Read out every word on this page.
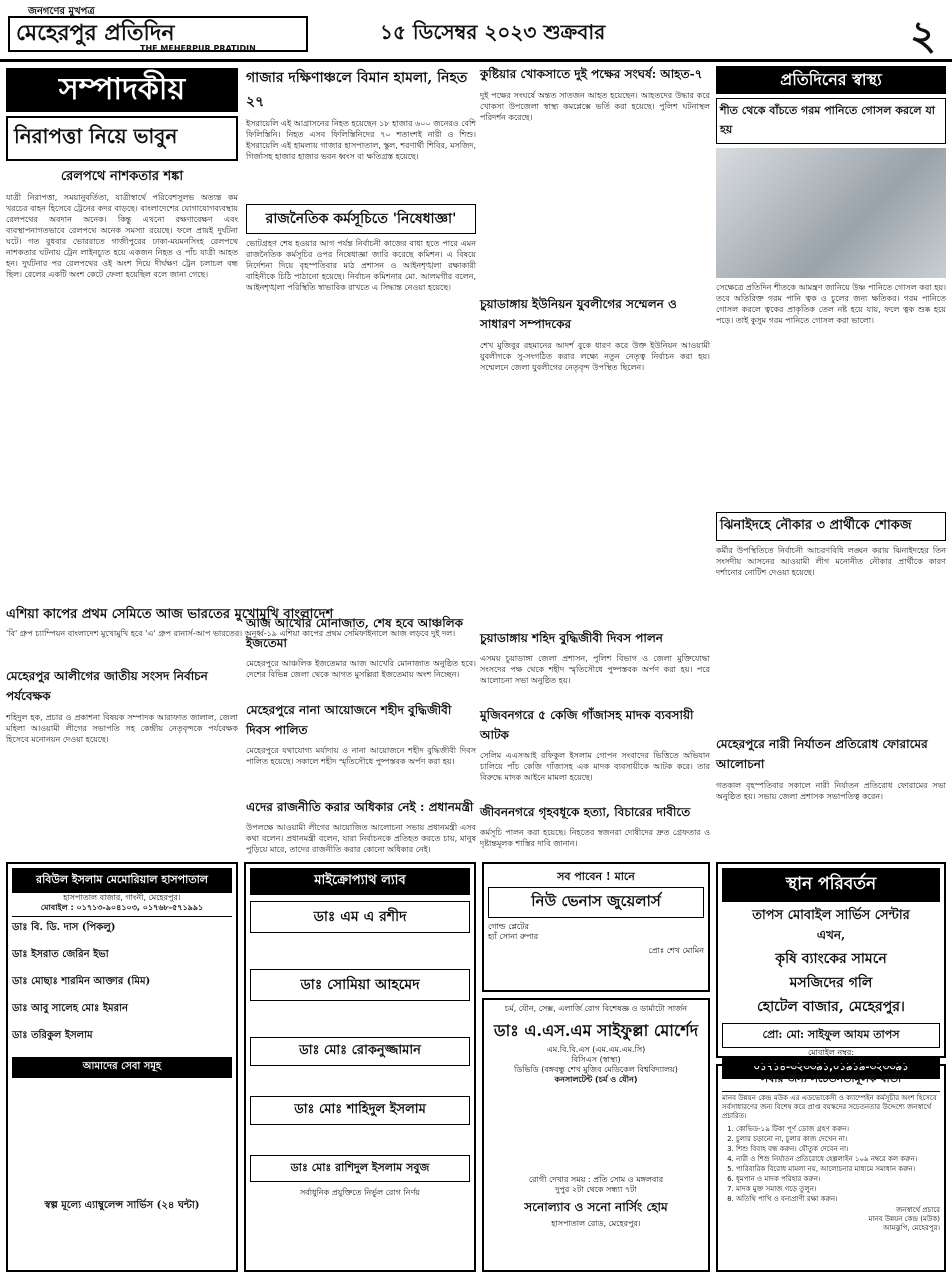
জনগণের মুখপত্র
মেহেরপুর প্রতিদিন
THE MEHERPUR PRATIDIN
১৫ ডিসেম্বর ২০২৩ শুক্রবার	২
সম্পাদকীয়
নিরাপত্তা নিয়ে ভাবুন
রেলপথে নাশকতার শঙ্কা
যাত্রী নিরাপত্তা, সময়ানুবর্তিতা, যাত্রীস্বার্থে পরিবেশসুলভ অত্যন্ত কম খরচের বাহন হিসেবে ট্রেনের কদর বাড়ছে। বাংলাদেশের যোগাযোগব্যবস্থায় রেলপথের অবদান অনেক। কিন্তু এখনো রক্ষণাবেক্ষণ এবং ব্যবস্থাপনাগতভাবে রেলপথে অনেক সমস্যা রয়েছে। ফলে প্রায়ই দুর্ঘটনা ঘটে। গত বুধবার ভোররাতে গাজীপুরের ঢাকা-ময়মনসিংহ রেলপথে নাশকতার ঘটনায় ট্রেন লাইনচ্যুত হয়ে একজন নিহত ও পাঁচ যাত্রী আহত হন। দুর্ঘটনার পর রেলপথের ওই অংশ দিয়ে দীর্ঘক্ষণ ট্রেন চলাচল বন্ধ ছিল। রেলের একটি অংশ কেটে ফেলা হয়েছিল বলে জানা গেছে।
গাজার দক্ষিণাঞ্চলে বিমান হামলা, নিহত ২৭
ইসরায়েলি এই আগ্রাসনের নিহত হয়েছেন ১৮ হাজার ৬০০ জনেরও বেশি ফিলিস্তিনি। নিহত এসব ফিলিস্তিনিদের ৭০ শতাংশই নারী ও শিশু। ইসরায়েলি এই হামলায় গাজার হাসপাতাল, স্কুল, শরণার্থী শিবির, মসজিদ, গির্জাসহ হাজার হাজার ভবন ধ্বংস বা ক্ষতিগ্রস্ত হয়েছে।
রাজনৈতিক কর্মসূচিতে 'নিষেধাজ্ঞা'
ভোটগ্রহণ শেষ হওয়ার আগ পর্যন্ত নির্বাচনী কাজের বাধা হতে পারে এমন রাজনৈতিক কর্মসূচির ওপর নিষেধাজ্ঞা জারি করেছে কমিশন। এ বিষয়ে নির্দেশনা দিয়ে বৃহস্পতিবার মাঠ প্রশাসন ও আইনশৃঙ্খলা রক্ষাকারী বাহিনীকে চিঠি পাঠানো হয়েছে। নির্বাচন কমিশনার মো. আলমগীর বলেন, আইনশৃঙ্খলা পরিস্থিতি স্বাভাবিক রাখতে এ সিদ্ধান্ত নেওয়া হয়েছে।
কুষ্টিয়ার খোকসাতে দুই পক্ষের সংঘর্ষ: আহত-৭
দুই পক্ষের সংঘর্ষে অন্তত সাতজন আহত হয়েছেন। আহতদের উদ্ধার করে খোকসা উপজেলা স্বাস্থ্য কমপ্লেক্সে ভর্তি করা হয়েছে। পুলিশ ঘটনাস্থল পরিদর্শন করেছে।
চুয়াডাঙ্গায় ইউনিয়ন যুবলীগের সম্মেলন ও সাধারণ সম্পাদকের
শেখ মুজিবুর রহমানের আদর্শ বুকে ধারণ করে উক্ত ইউনিয়ন আওয়ামী যুবলীগকে সু-সংগঠিত করার লক্ষ্যে নতুন নেতৃত্ব নির্বাচন করা হয়। সম্মেলনে জেলা যুবলীগের নেতৃবৃন্দ উপস্থিত ছিলেন।
প্রতিদিনের স্বাস্থ্য
শীত থেকে বাঁচতে গরম পানিতে গোসল করলে যা হয়
সেক্ষেত্রে প্রতিদিন শীতকে আমন্ত্রণ জানিয়ে উষ্ণ পানিতে গোসল করা হয়। তবে অতিরিক্ত গরম পানি ত্বক ও চুলের জন্য ক্ষতিকর। গরম পানিতে গোসল করলে ত্বকের প্রাকৃতিক তেল নষ্ট হয়ে যায়, ফলে ত্বক শুষ্ক হয়ে পড়ে। তাই কুসুম গরম পানিতে গোসল করা ভালো।
ঝিনাইদহে নৌকার ৩ প্রার্থীকে শোকজ
কর্মীর উপস্থিতিতে নির্বাচনী আচরণবিধি লঙ্ঘন করায় ঝিনাইদহের তিন সংসদীয় আসনের আওয়ামী লীগ মনোনীত নৌকার প্রার্থীকে কারণ দর্শানোর নোটিশ দেওয়া হয়েছে।
মেহেরপুরে নারী নির্যাতন প্রতিরোধ ফোরামের আলোচনা
গতকাল বৃহস্পতিবার সকালে নারী নির্যাতন প্রতিরোধ ফোরামের সভা অনুষ্ঠিত হয়। সভায় জেলা প্রশাসক সভাপতিত্ব করেন।
এশিয়া কাপের প্রথম সেমিতে আজ ভারতের মুখোমুখি বাংলাদেশ
'বি' গ্রুপ চ্যাম্পিয়ন বাংলাদেশ মুখোমুখি হবে 'এ' গ্রুপ রানার্স-আপ ভারতের। অনূর্ধ্ব-১৯ এশিয়া কাপের প্রথম সেমিফাইনালে আজ লড়বে দুই দল।
মেহেরপুর আলীগের জাতীয় সংসদ নির্বাচন পর্যবেক্ষক
শহিদুল হক, প্রচার ও প্রকাশনা বিষয়ক সম্পাদক আরাফাত জালাল, জেলা মহিলা আওয়ামী লীগের সভাপতি সহ কেন্দ্রীয় নেতৃবৃন্দকে পর্যবেক্ষক হিসেবে মনোনয়ন দেওয়া হয়েছে।
আজ আখেরি মোনাজাত, শেষ হবে আঞ্চলিক ইজতেমা
মেহেরপুরে আঞ্চলিক ইজতেমার আজ আখেরি মোনাজাত অনুষ্ঠিত হবে। দেশের বিভিন্ন জেলা থেকে আগত মুসল্লিরা ইজতেমায় অংশ নিচ্ছেন।
মেহেরপুরে নানা আয়োজনে শহীদ বুদ্ধিজীবী দিবস পালিত
মেহেরপুরে যথাযোগ্য মর্যাদায় ও নানা আয়োজনে শহীদ বুদ্ধিজীবী দিবস পালিত হয়েছে। সকালে শহীদ স্মৃতিসৌধে পুষ্পস্তবক অর্পণ করা হয়।
এদের রাজনীতি করার অধিকার নেই : প্রধানমন্ত্রী
উপলক্ষে আওয়ামী লীগের আয়োজিত আলোচনা সভায় প্রধানমন্ত্রী এসব কথা বলেন। প্রধানমন্ত্রী বলেন, যারা নির্বাচনকে প্রতিহত করতে চায়, মানুষ পুড়িয়ে মারে, তাদের রাজনীতি করার কোনো অধিকার নেই।
চুয়াডাঙ্গায় শহিদ বুদ্ধিজীবী দিবস পালন
এসময় চুয়াডাঙ্গা জেলা প্রশাসন, পুলিশ বিভাগ ও জেলা মুক্তিযোদ্ধা সংসদের পক্ষ থেকে শহীদ স্মৃতিসৌধে পুষ্পস্তবক অর্পণ করা হয়। পরে আলোচনা সভা অনুষ্ঠিত হয়।
মুজিবনগরে ৫ কেজি গাঁজাসহ মাদক ব্যবসায়ী আটক
সেলিম এএসআই রফিকুল ইসলাম গোপন সংবাদের ভিত্তিতে অভিযান চালিয়ে পাঁচ কেজি গাঁজাসহ এক মাদক ব্যবসায়ীকে আটক করে। তার বিরুদ্ধে মাদক আইনে মামলা হয়েছে।
জীবননগরে গৃহবধূকে হত্যা, বিচারের দাবীতে
কর্মসূচি পালন করা হয়েছে। নিহতের স্বজনরা দোষীদের দ্রুত গ্রেফতার ও দৃষ্টান্তমূলক শাস্তির দাবি জানান।
রবিউল ইসলাম মেমোরিয়াল হাসপাতাল
হাসপাতাল বাজার, গাংনী, মেহেরপুর।
মোবাইল : ০১৭১৩-৯০৪১০৩, ০১৭৬৮-৫৭১৯৯১
ডাঃ বি. ডি. দাস (পিকলু)
ডাঃ ইসরাত জেরিন ইভা
ডাঃ মোছাঃ শারমিন আক্তার (মিম)
ডাঃ আবু সালেহ মোঃ ইমরান
ডাঃ তরিকুল ইসলাম
আমাদের সেবা সমূহ
স্বল্প মূল্যে এ্যাম্বুলেন্স সার্ভিস (২৪ ঘন্টা)
মাইক্রোপ্যাথ ল্যাব
ডাঃ এম এ রশীদ
ডাঃ সোমিয়া আহমেদ
ডাঃ মোঃ রোকনুজ্জামান
ডাঃ মোঃ শাহিদুল ইসলাম
ডাঃ মোঃ রাশিদুল ইসলাম সবুজ
সর্বাধুনিক প্রযুক্তিতে নির্ভুল রোগ নির্ণয়
সব পাবেন ! মানে
নিউ ভেনাস জুয়েলার্স
গোল্ড প্লেটের
হ্যাঁ সোনা রুপার
প্রোঃ শেখ মোমিন
চর্ম, যৌন, সেক্স, এলার্জি রোগ বিশেষজ্ঞ ও ডার্মাটো সার্জন
ডাঃ এ.এস.এম সাইফুল্লা মোর্শেদ
এম.বি.বি.এস (এম.এম.এম.সি)
বিসিএস (স্বাস্থ্য)
ডিভিডি (বঙ্গবন্ধু শেখ মুজিব মেডিকেল বিশ্ববিদ্যালয়)
কনসালটেন্ট (চর্ম ও যৌন)
রোগী দেখার সময় : প্রতি সোম ও মঙ্গলবার
দুপুর ২টা থেকে সন্ধ্যা ৭টা
সনোল্যাব ও সনো নার্সিং হোম
হাসপাতাল রোড, মেহেরপুর।
স্থান পরিবর্তন
তাপস মোবাইল সার্ভিস সেন্টার
এখন,
কৃষি ব্যাংকের সামনে
মসজিদের গলি
হোটেল বাজার, মেহেরপুর।
প্রো: মো: সাইফুল আযম তাপস
মোবাইল নম্বর:
০১৭১৪-৩২৩৩৯১,০১৯১৯-৩২৩৩৯১
সবার জন্য সচেতনতামূলক বার্তা
মানব উন্নয়ন কেন্দ্র মউক এর এডভোকেসী ও ক্যাম্পেইন কর্মসূচীর অংশ হিসেবে সর্বসাধারণের জন্য বিশেষ করে প্রাপ্ত বয়স্কদের সচেতনতার উদ্দেশ্যে জনস্বার্থে প্রচারিত।
1. কোভিড-১৯ টিকা পূর্ণ ডোজ গ্রহণ করুন।
2. চুলার চড়ানো না, চুলার কাজ দেখেন না।
3. শিশু বিবাহ বন্ধ করুন। যৌতুক দেবেন না।
4. নারী ও শিশু নির্যাতন প্রতিরোধে হেল্পলাইন ১০৯ নম্বরে কল করুন।
5. পারিবারিক বিরোধ মামলা নয়, আলোচনার মাধ্যমে সমাধান করুন।
6. ধূমপান ও মাদক পরিহার করুন।
7. মাদক মুক্ত সমাজ গড়ে তুলুন।
8. অতিথি পাখি ও বন্যপ্রাণী রক্ষা করুন।
জনস্বার্থে প্রচারে
মানব উন্নয়ন কেন্দ্র (মউক)
আমঝুপি, মেহেরপুর।
